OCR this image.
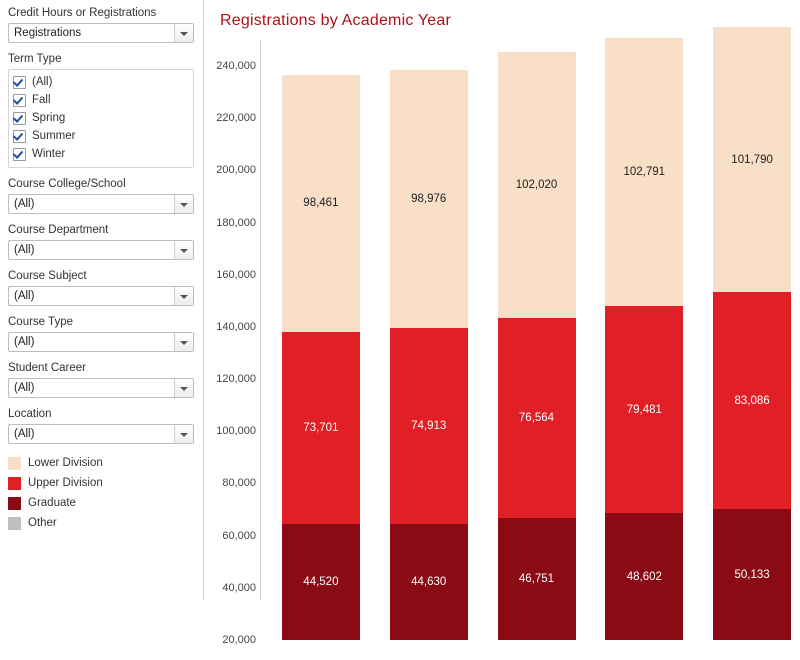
Credit Hours or Registrations
Registrations
Term Type
(All)
Fall
Spring
Summer
Winter
Course College/School
(All)
Course Department
(All)
Course Subject
(All)
Course Type
(All)
Student Career
(All)
Location
(All)
Lower Division
Upper Division
Graduate
Other
Registrations by Academic Year
240,000
220,000
200,000
180,000
160,000
140,000
120,000
100,000
80,000
60,000
40,000
20,000
44,520
73,701
98,461
44,630
74,913
98,976
46,751
76,564
102,020
48,602
79,481
102,791
50,133
83,086
101,790
